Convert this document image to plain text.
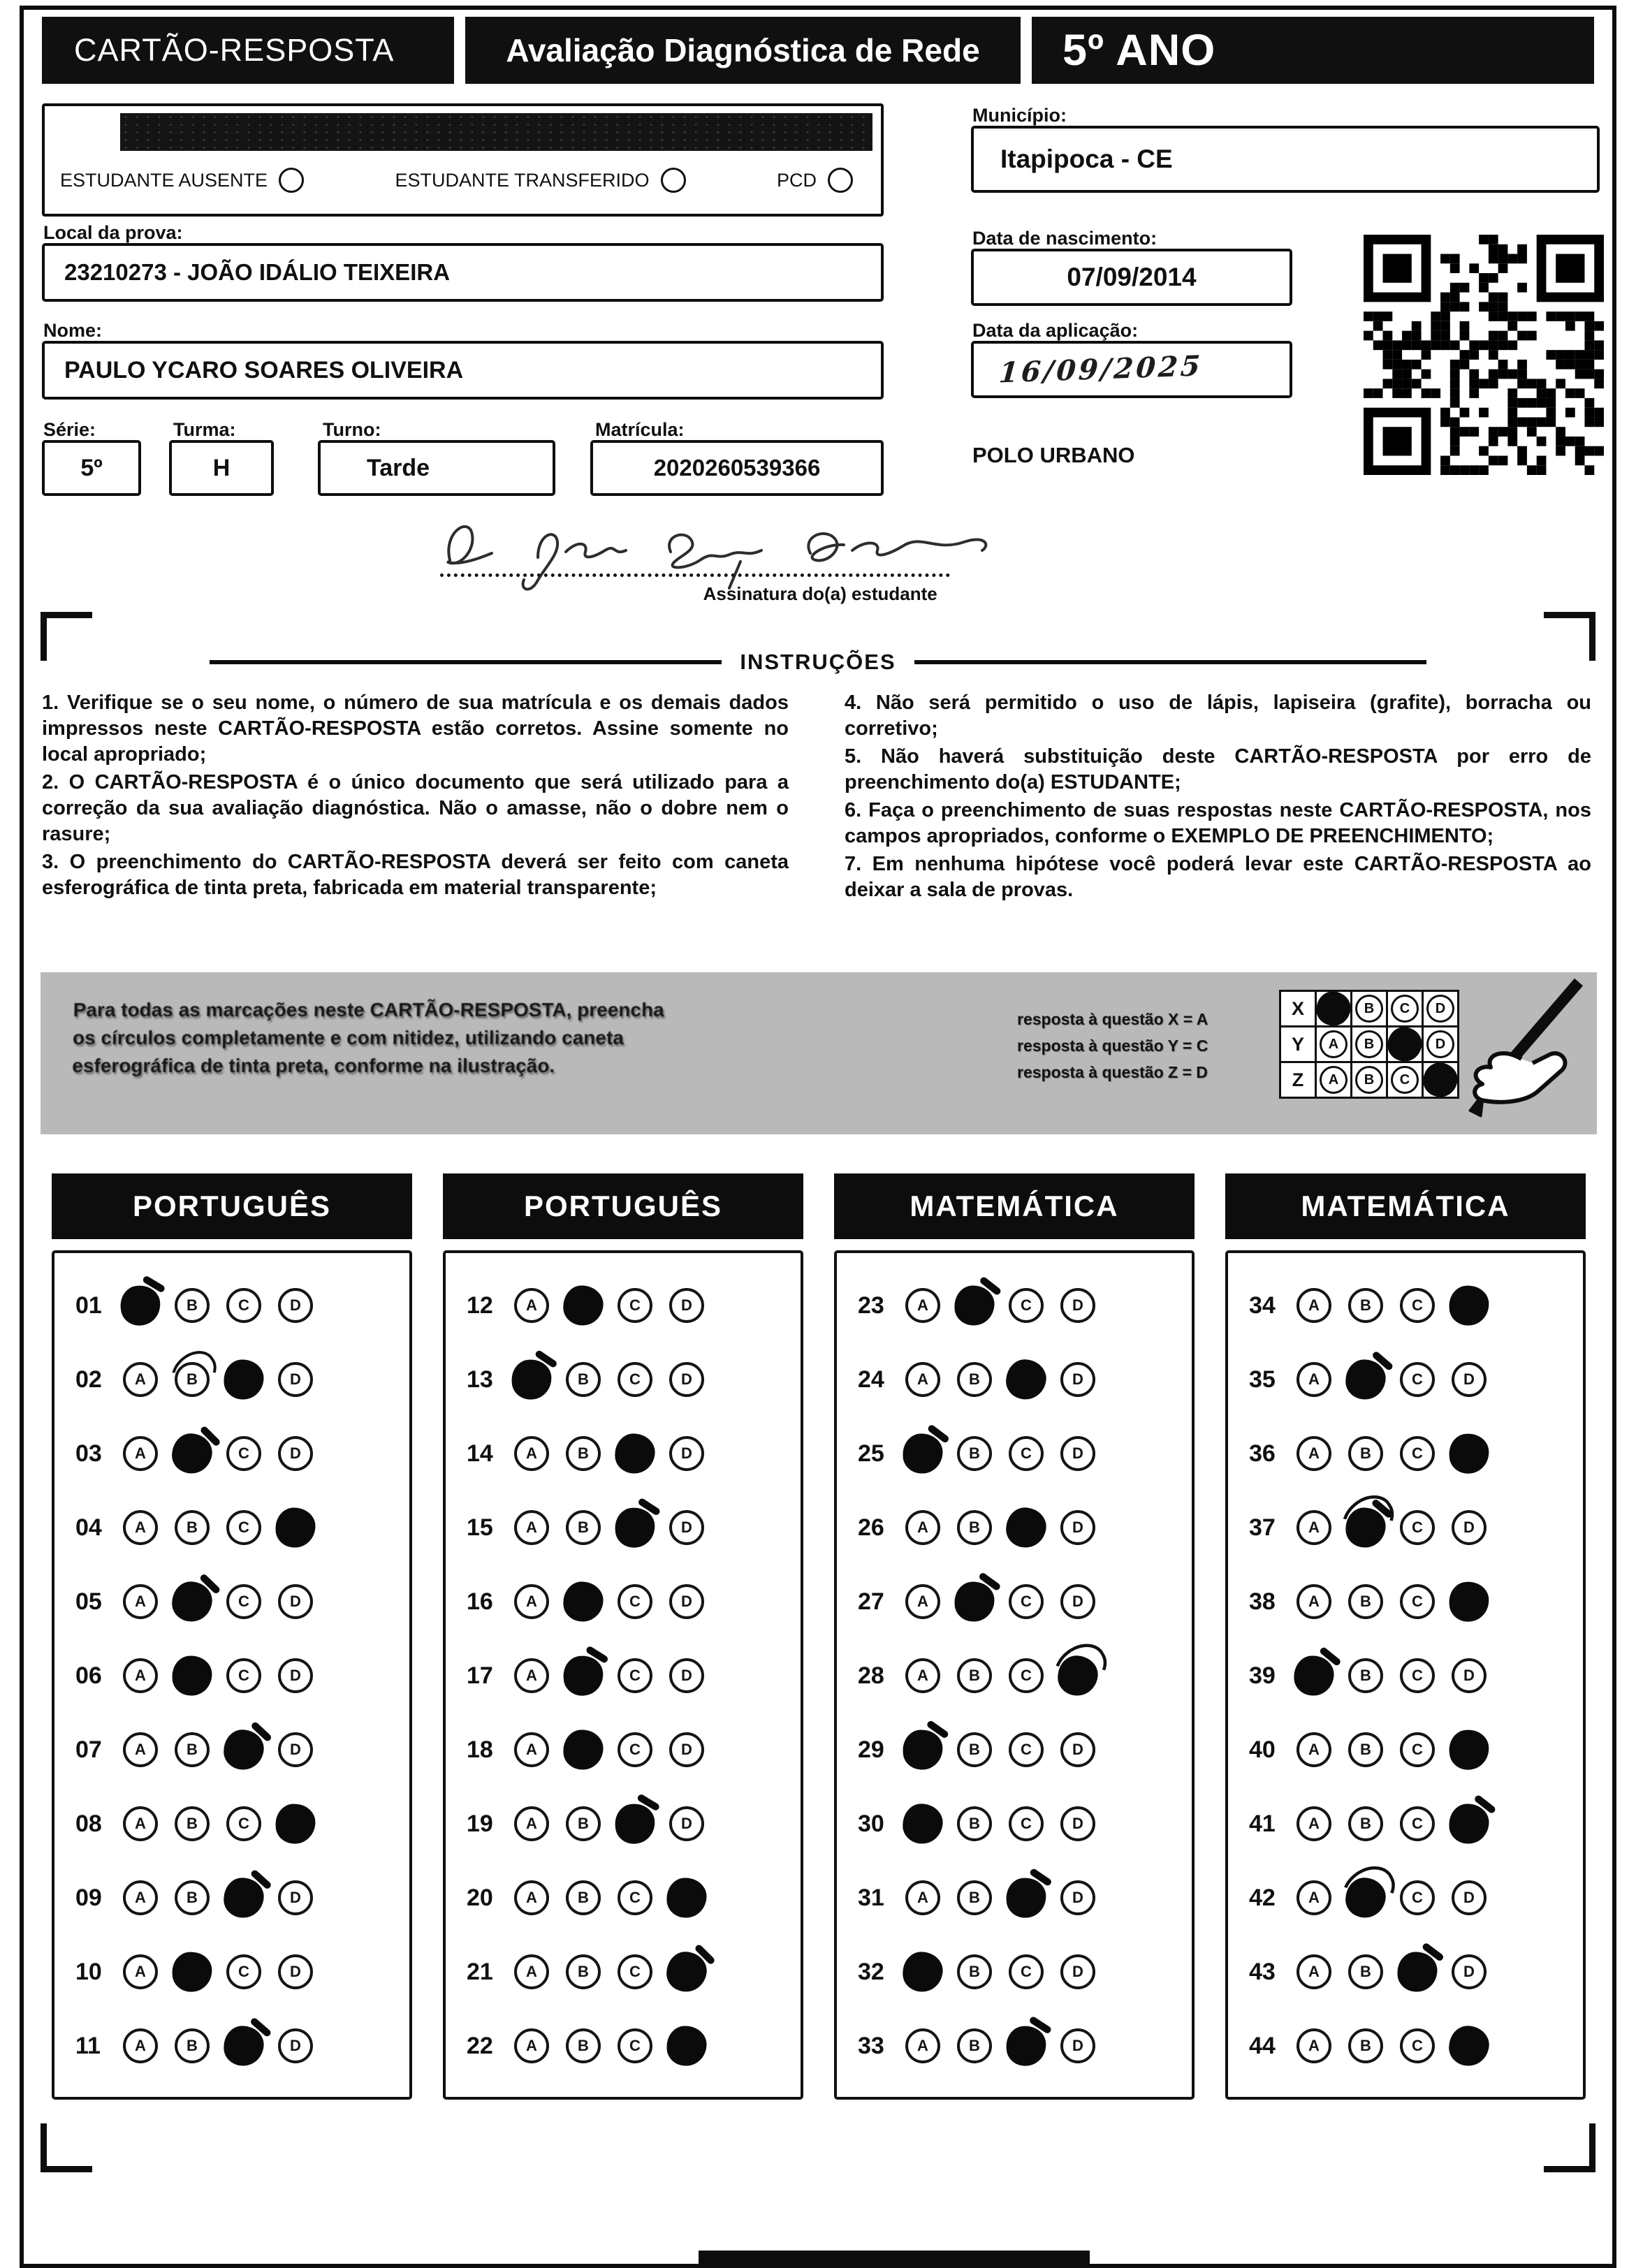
CARTÃO-RESPOSTA	Avaliação Diagnóstica de Rede	5º ANO
ESTUDANTE AUSENTE	ESTUDANTE TRANSFERIDO	PCD
Local da prova:
23210273 - JOÃO IDÁLIO TEIXEIRA
Nome:
PAULO YCARO SOARES OLIVEIRA
Série:
5º
Turma:
H
Turno:
Tarde
Matrícula:
2020260539366
Município:
Itapipoca - CE
Data de nascimento:
07/09/2014
Data da aplicação:
16/09/2025
POLO URBANO
Assinatura do(a) estudante
INSTRUÇÕES

1. Verifique se o seu nome, o número de sua matrícula e os demais dados impressos neste CARTÃO-RESPOSTA estão corretos. Assine somente no local apropriado;

2. O CARTÃO-RESPOSTA é o único documento que será utilizado para a correção da sua avaliação diagnóstica. Não o amasse, não o dobre nem o rasure;

3. O preenchimento do CARTÃO-RESPOSTA deverá ser feito com caneta esferográfica de tinta preta, fabricada em material transparente;

4. Não será permitido o uso de lápis, lapiseira (grafite), borracha ou corretivo;

5. Não haverá substituição deste CARTÃO-RESPOSTA por erro de preenchimento do(a) ESTUDANTE;

6. Faça o preenchimento de suas respostas neste CARTÃO-RESPOSTA, nos campos apropriados, conforme o EXEMPLO DE PREENCHIMENTO;

7. Em nenhuma hipótese você poderá levar este CARTÃO-RESPOSTA ao deixar a sala de provas.

Para todas as marcações neste CARTÃO-RESPOSTA, preencha os círculos completamente e com nitidez, utilizando caneta esferográfica de tinta preta, conforme na ilustração.
resposta à questão X = A
resposta à questão Y = C
resposta à questão Z = D
X	B C D
Y A B	D
Z A B C
PORTUGUÊS
01	B	C	D
02	A	B	D
03	A	C	D
04	A	B	C
05	A	C	D
06	A	C	D
07	A	B	D
08	A	B	C
09	A	B	D
10	A	C	D
11	A	B	D
PORTUGUÊS
12	A	C	D
13	B	C	D
14	A	B	D
15	A	B	D
16	A	C	D
17	A	C	D
18	A	C	D
19	A	B	D
20	A	B	C
21	A	B	C
22	A	B	C
MATEMÁTICA
23	A	C	D
24	A	B	D
25	B	C	D
26	A	B	D
27	A	C	D
28	A	B	C
29	B	C	D
30	B	C	D
31	A	B	D
32	B	C	D
33	A	B	D
MATEMÁTICA
34	A	B	C
35	A	C	D
36	A	B	C
37	A	C	D
38	A	B	C
39	B	C	D
40	A	B	C
41	A	B	C
42	A	C	D
43	A	B	D
44	A	B	C
